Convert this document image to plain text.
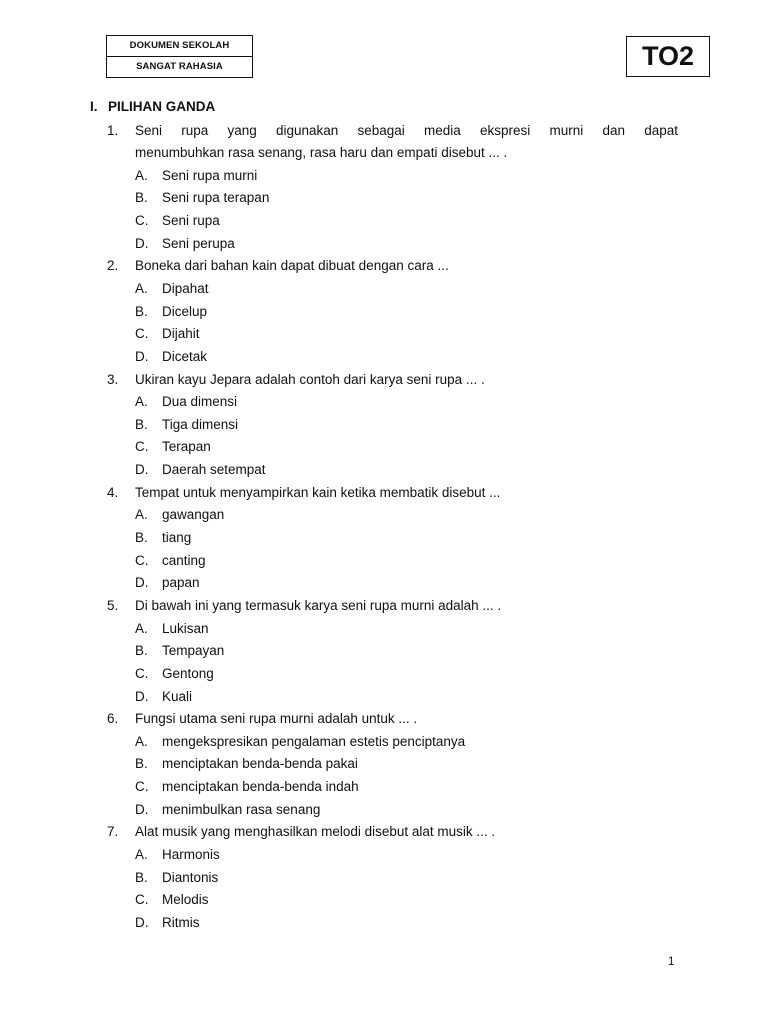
DOKUMEN SEKOLAH
SANGAT RAHASIA	TO2
I. PILIHAN GANDA
1. Seni rupa yang digunakan sebagai media ekspresi murni dan dapat
menumbuhkan rasa senang, rasa haru dan empati disebut ... .
A. Seni rupa murni
B. Seni rupa terapan
C. Seni rupa
D. Seni perupa
2. Boneka dari bahan kain dapat dibuat dengan cara ...
A. Dipahat
B. Dicelup
C. Dijahit
D. Dicetak
3. Ukiran kayu Jepara adalah contoh dari karya seni rupa ... .
A. Dua dimensi
B. Tiga dimensi
C. Terapan
D. Daerah setempat
4. Tempat untuk menyampirkan kain ketika membatik disebut ...
A. gawangan
B. tiang
C. canting
D. papan
5. Di bawah ini yang termasuk karya seni rupa murni adalah ... .
A. Lukisan
B. Tempayan
C. Gentong
D. Kuali
6. Fungsi utama seni rupa murni adalah untuk ... .
A. mengekspresikan pengalaman estetis penciptanya
B. menciptakan benda-benda pakai
C. menciptakan benda-benda indah
D. menimbulkan rasa senang
7. Alat musik yang menghasilkan melodi disebut alat musik ... .
A. Harmonis
B. Diantonis
C. Melodis
D. Ritmis
1
